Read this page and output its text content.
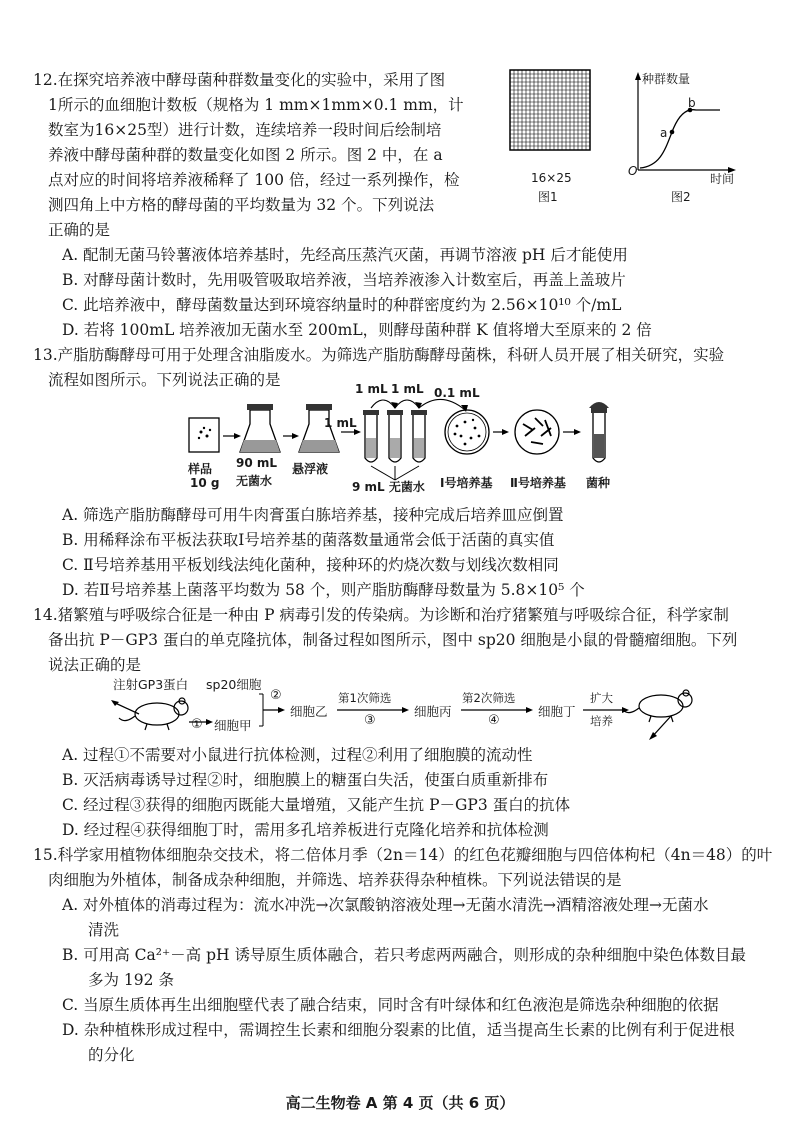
12.在探究培养液中酵母菌种群数量变化的实验中，采用了图
1所示的血细胞计数板（规格为 1 mm×1mm×0.1 mm，计
数室为16×25型）进行计数，连续培养一段时间后绘制培
养液中酵母菌种群的数量变化如图 2 所示。图 2 中，在 a
点对应的时间将培养液稀释了 100 倍，经过一系列操作，检
测四角上中方格的酵母菌的平均数量为 32 个。下列说法
正确的是
A. 配制无菌马铃薯液体培养基时，先经高压蒸汽灭菌，再调节溶液 pH 后才能使用
B. 对酵母菌计数时，先用吸管吸取培养液，当培养液渗入计数室后，再盖上盖玻片
C. 此培养液中，酵母菌数量达到环境容纳量时的种群密度约为 2.56×10¹⁰ 个/mL
D. 若将 100mL 培养液加无菌水至 200mL，则酵母菌种群 K 值将增大至原来的 2 倍
16×25
图1
种群数量
O
a
b
时间
图2
13.产脂肪酶酵母可用于处理含油脂废水。为筛选产脂肪酶酵母菌株，科研人员开展了相关研究，实验
流程如图所示。下列说法正确的是
A. 筛选产脂肪酶酵母可用牛肉膏蛋白胨培养基，接种完成后培养皿应倒置
B. 用稀释涂布平板法获取Ⅰ号培养基的菌落数量通常会低于活菌的真实值
C. Ⅱ号培养基用平板划线法纯化菌种，接种环的灼烧次数与划线次数相同
D. 若Ⅱ号培养基上菌落平均数为 58 个，则产脂肪酶酵母数量为 5.8×10⁵ 个
1 mL 1 mL
1 mL
0.1 mL
样品
10 g
90 mL
无菌水
悬浮液
9 mL 无菌水 Ⅰ号培养基 Ⅱ号培养基 菌种
14.猪繁殖与呼吸综合征是一种由 P 病毒引发的传染病。为诊断和治疗猪繁殖与呼吸综合征，科学家制
备出抗 P－GP3 蛋白的单克隆抗体，制备过程如图所示，图中 sp20 细胞是小鼠的骨髓瘤细胞。下列
说法正确的是
A. 过程①不需要对小鼠进行抗体检测，过程②利用了细胞膜的流动性
B. 灭活病毒诱导过程②时，细胞膜上的糖蛋白失活，使蛋白质重新排布
C. 经过程③获得的细胞丙既能大量增殖，又能产生抗 P－GP3 蛋白的抗体
D. 经过程④获得细胞丁时，需用多孔培养板进行克隆化培养和抗体检测
注射GP3蛋白 sp20细胞
① 细胞甲
②
细胞乙
第1次筛选
③
细胞丙
第2次筛选
④
细胞丁
扩大
培养
15.科学家用植物体细胞杂交技术，将二倍体月季（2n＝14）的红色花瓣细胞与四倍体枸杞（4n＝48）的叶
肉细胞为外植体，制备成杂种细胞，并筛选、培养获得杂种植株。下列说法错误的是
A. 对外植体的消毒过程为：流水冲洗→次氯酸钠溶液处理→无菌水清洗→酒精溶液处理→无菌水
清洗
B. 可用高 Ca²⁺－高 pH 诱导原生质体融合，若只考虑两两融合，则形成的杂种细胞中染色体数目最
多为 192 条
C. 当原生质体再生出细胞壁代表了融合结束，同时含有叶绿体和红色液泡是筛选杂种细胞的依据
D. 杂种植株形成过程中，需调控生长素和细胞分裂素的比值，适当提高生长素的比例有利于促进根
的分化
高二生物卷 A 第 4 页（共 6 页）
